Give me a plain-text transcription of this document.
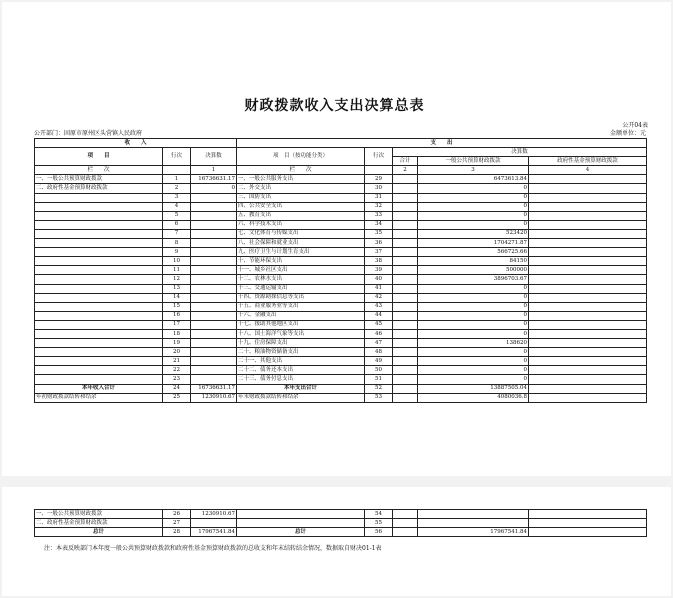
财政拨款收入支出决算总表
公开04表
公开部门：固原市原州区头营镇人民政府	金额单位：元
收　　入			支　　出				
项　　目	行次	决算数	项　目（按功能分类）	行次	决算数		
					合计	一般公共预算财政拨款	政府性基金预算财政拨款
栏　　次		1	栏　　次		2	3	4
一、一般公共预算财政拨款	1	16736631.17	一、一般公共服务支出	29		6473613.84	
二、政府性基金预算财政拨款	2	0	二、外交支出	30		0	
	3		三、国防支出	31		0	
	4		四、公共安全支出	32		0	
	5		五、教育支出	33		0	
	6		六、科学技术支出	34		0	
	7		七、文化体育与传媒支出	35		523420	
	8		八、社会保障和就业支出	36		1704271.87	
	9		九、医疗卫生与计划生育支出	37		566725.66	
	10		十、节能环保支出	38		84150	
	11		十一、城乡社区支出	39		500000	
	12		十二、农林水支出	40		3896703.67	
	13		十三、交通运输支出	41		0	
	14		十四、资源勘探信息等支出	42		0	
	15		十五、商业服务业等支出	43		0	
	16		十六、金融支出	44		0	
	17		十七、援助其他地区支出	45		0	
	18		十八、国土海洋气象等支出	46		0	
	19		十九、住房保障支出	47		138620	
	20		二十、粮油物资储备支出	48		0	
	21		二十一、其他支出	49		0	
	22		二十二、债务还本支出	50		0	
	23		二十三、债务付息支出	51		0	
本年收入合计	24	16736631.17	本年支出合计	52		13887505.04	
年初财政拨款结转和结余	25	1230910.67	年末财政拨款结转和结余	53		4080036.8	
一、一般公共预算财政拨款	26	1230910.67		54			
二、政府性基金预算财政拨款	27			55			
总计	28	17967541.84	总计	56		17967541.84	
注：本表反映部门本年度一般公共预算财政拨款和政府性基金预算财政拨款的总收支和年末结转结余情况，数据取自财决01-1表
